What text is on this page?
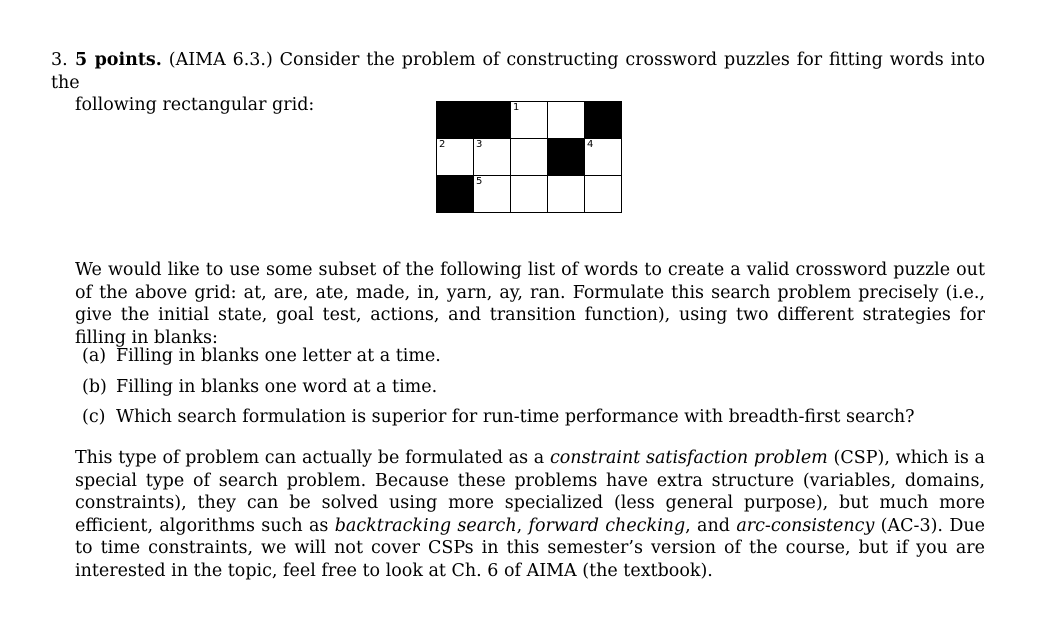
3. 5 points. (AIMA 6.3.) Consider the problem of constructing crossword puzzles for fitting words into the
following rectangular grid:

		1		

2	3			4

	5			

We would like to use some subset of the following list of words to create a valid crossword puzzle out of the above grid: at, are, ate, made, in, yarn, ay, ran. Formulate this search problem precisely (i.e., give the initial state, goal test, actions, and transition function), using two different strategies for filling in blanks:
(a) Filling in blanks one letter at a time.
(b) Filling in blanks one word at a time.
(c) Which search formulation is superior for run-time performance with breadth-first search?
This type of problem can actually be formulated as a constraint satisfaction problem (CSP), which is a special type of search problem. Because these problems have extra structure (variables, domains, constraints), they can be solved using more specialized (less general purpose), but much more efficient, algorithms such as backtracking search, forward checking, and arc-consistency (AC-3). Due to time constraints, we will not cover CSPs in this semester’s version of the course, but if you are interested in the topic, feel free to look at Ch. 6 of AIMA (the textbook).
